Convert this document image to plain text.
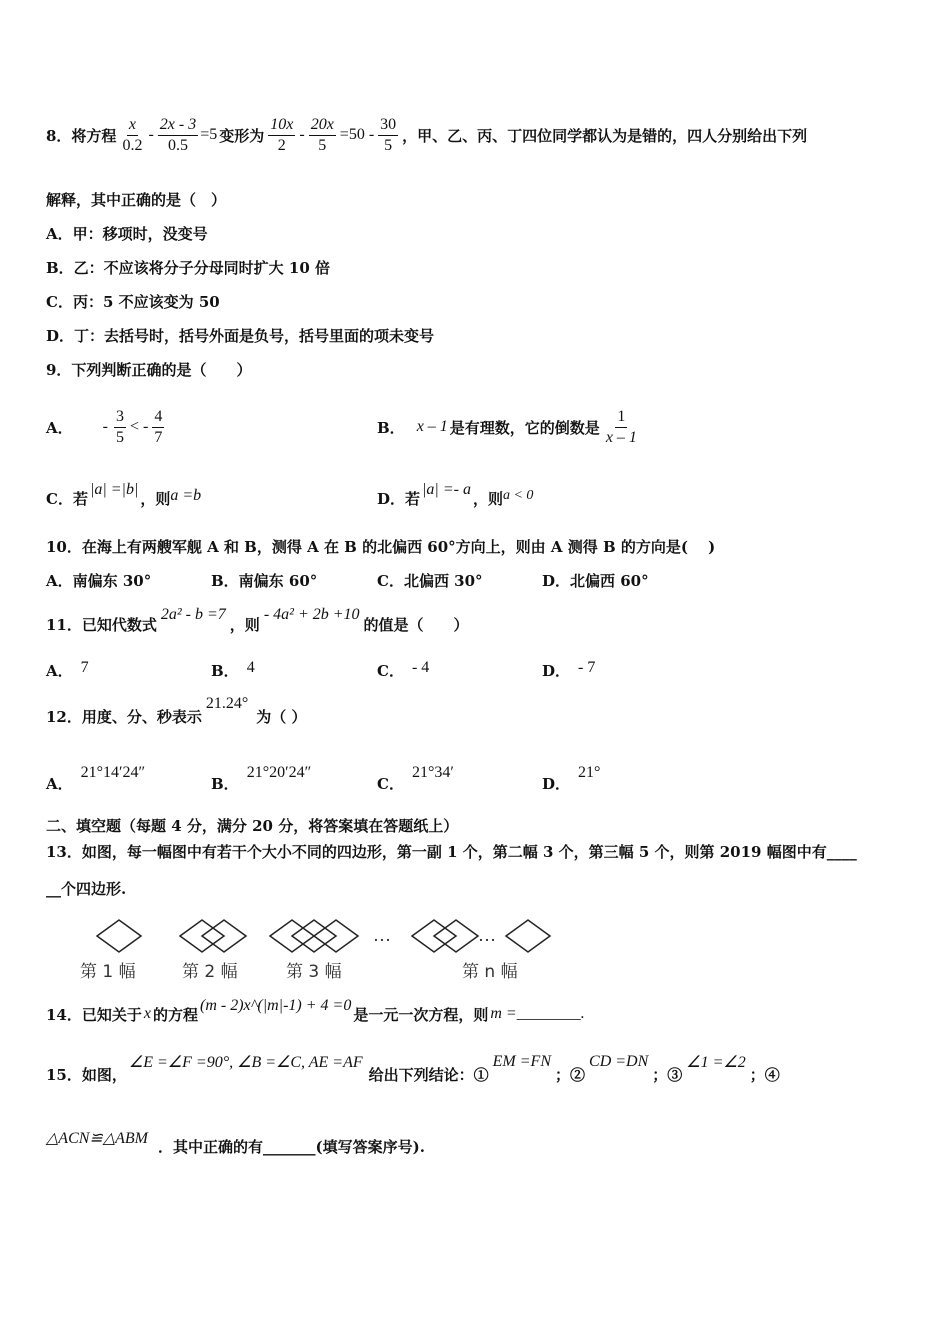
8．将方程 $\frac{x}{0.2} - \frac{2x - 3}{0.5} =5$ 变形为 $\frac{10x}{2} - \frac{20x}{5} =50 - \frac{30}{5}$ ，甲、乙、丙、丁四位同学都认为是错的，四人分别给出下列
解释，其中正确的是（　）
A．甲：移项时，没变号
B．乙：不应该将分子分母同时扩大 10 倍
C．丙：5 不应该变为 50
D．丁：去括号时，括号外面是负号，括号里面的项未变号
9．下列判断正确的是（　　）
A． - $\frac{3}{5}$ < - $\frac{4}{7}$	B． x – 1 是有理数，它的倒数是 $\frac{1}{x - 1}$
C．若 |a| =|b| ，则 a =b	D．若 |a| =- a ，则 a < 0
10．在海上有两艘军舰 A 和 B，测得 A 在 B 的北偏西 60°方向上，则由 A 测得 B 的方向是(　 )
A．南偏东 30°	B．南偏东 60°	C．北偏西 30°	D．北偏西 60°
11．已知代数式
2a² - b =7
，则
- 4a² + 2b +10
的值是（　　）
A． 7	B． 4	C． - 4	D． - 7
12．用度、分、秒表示
21.24°
为（ ）
A．
21°14′24″
B．
21°20′24″
C．
21°34′
D．
21°
二、填空题（每题 4 分，满分 20 分，将答案填在答题纸上）
13．如图，每一幅图中有若干个大小不同的四边形，第一副 1 个，第二幅 3 个，第三幅 5 个，则第 2019 幅图中有____
__个四边形.
…	…
第 1 幅	第 2 幅	第 3 幅	第 n 幅
14．已知关于 x 的方程 (m - 2)x^(|m|-1) + 4 =0 是一元一次方程，则 m =________.
15．如图，
∠E =∠F =90°, ∠B =∠C, AE =AF
给出下列结论：①
EM =FN
；②
CD =DN
；③
∠1 =∠2
；④
△ACN≌△ABM ．其中正确的有_______(填写答案序号).
